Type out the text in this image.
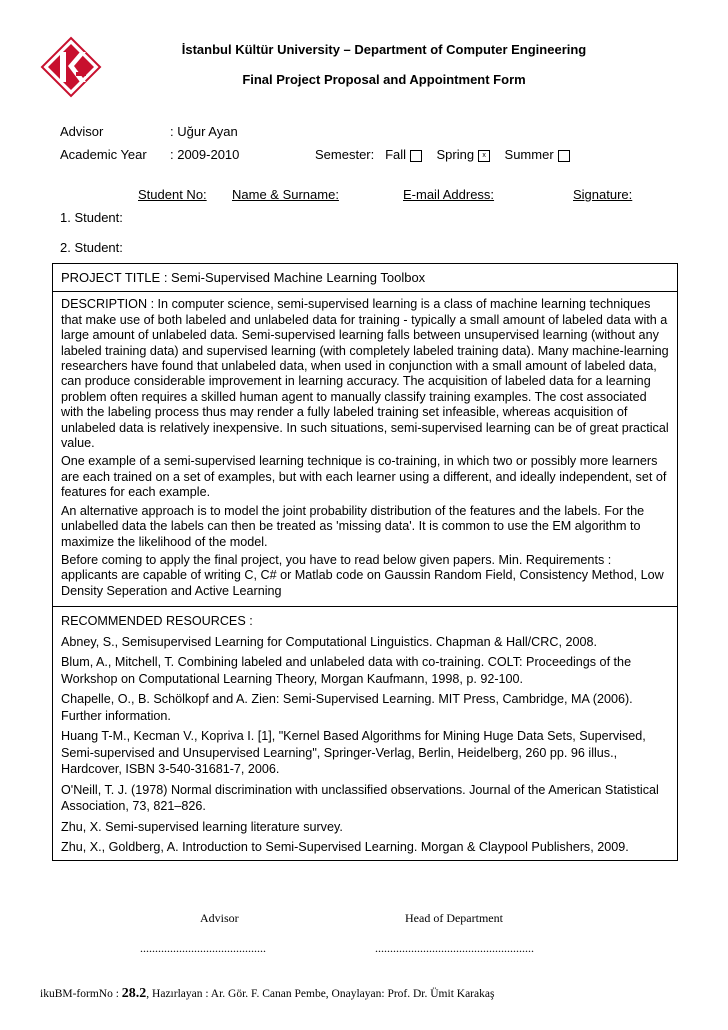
İstanbul Kültür University – Department of Computer Engineering
Final Project Proposal and Appointment Form
Advisor	: Uğur Ayan
Academic Year : 2009-2010	Semester: Fall Spring x Summer
Student No: Name & Surname:	E-mail Address:	Signature:
1. Student:
2. Student:
PROJECT TITLE : Semi-Supervised Machine Learning Toolbox

DESCRIPTION : In computer science, semi-supervised learning is a class of machine learning techniques that make use of both labeled and unlabeled data for training - typically a small amount of labeled data with a large amount of unlabeled data. Semi-supervised learning falls between unsupervised learning (without any labeled training data) and supervised learning (with completely labeled training data). Many machine-learning researchers have found that unlabeled data, when used in conjunction with a small amount of labeled data, can produce considerable improvement in learning accuracy. The acquisition of labeled data for a learning problem often requires a skilled human agent to manually classify training examples. The cost associated with the labeling process thus may render a fully labeled training set infeasible, whereas acquisition of unlabeled data is relatively inexpensive. In such situations, semi-supervised learning can be of great practical value.

One example of a semi-supervised learning technique is co-training, in which two or possibly more learners are each trained on a set of examples, but with each learner using a different, and ideally independent, set of features for each example.

An alternative approach is to model the joint probability distribution of the features and the labels. For the unlabelled data the labels can then be treated as 'missing data'. It is common to use the EM algorithm to maximize the likelihood of the model.

Before coming to apply the final project, you have to read below given papers. Min. Requirements : applicants are capable of writing C, C# or Matlab code on Gaussin Random Field, Consistency Method, Low Density Seperation and Active Learning

RECOMMENDED RESOURCES :

Abney, S., Semisupervised Learning for Computational Linguistics. Chapman & Hall/CRC, 2008.

Blum, A., Mitchell, T. Combining labeled and unlabeled data with co-training. COLT: Proceedings of the Workshop on Computational Learning Theory, Morgan Kaufmann, 1998, p. 92-100.

Chapelle, O., B. Schölkopf and A. Zien: Semi-Supervised Learning. MIT Press, Cambridge, MA (2006). Further information.

Huang T-M., Kecman V., Kopriva I. [1], "Kernel Based Algorithms for Mining Huge Data Sets, Supervised, Semi-supervised and Unsupervised Learning", Springer-Verlag, Berlin, Heidelberg, 260 pp. 96 illus., Hardcover, ISBN 3-540-31681-7, 2006.

O'Neill, T. J. (1978) Normal discrimination with unclassified observations. Journal of the American Statistical Association, 73, 821–826.

Zhu, X. Semi-supervised learning literature survey.

Zhu, X., Goldberg, A. Introduction to Semi-Supervised Learning. Morgan & Claypool Publishers, 2009.

Advisor	Head of Department
..........................................	.....................................................
ikuBM-formNo : 28.2, Hazırlayan : Ar. Gör. F. Canan Pembe, Onaylayan: Prof. Dr. Ümit Karakaş
